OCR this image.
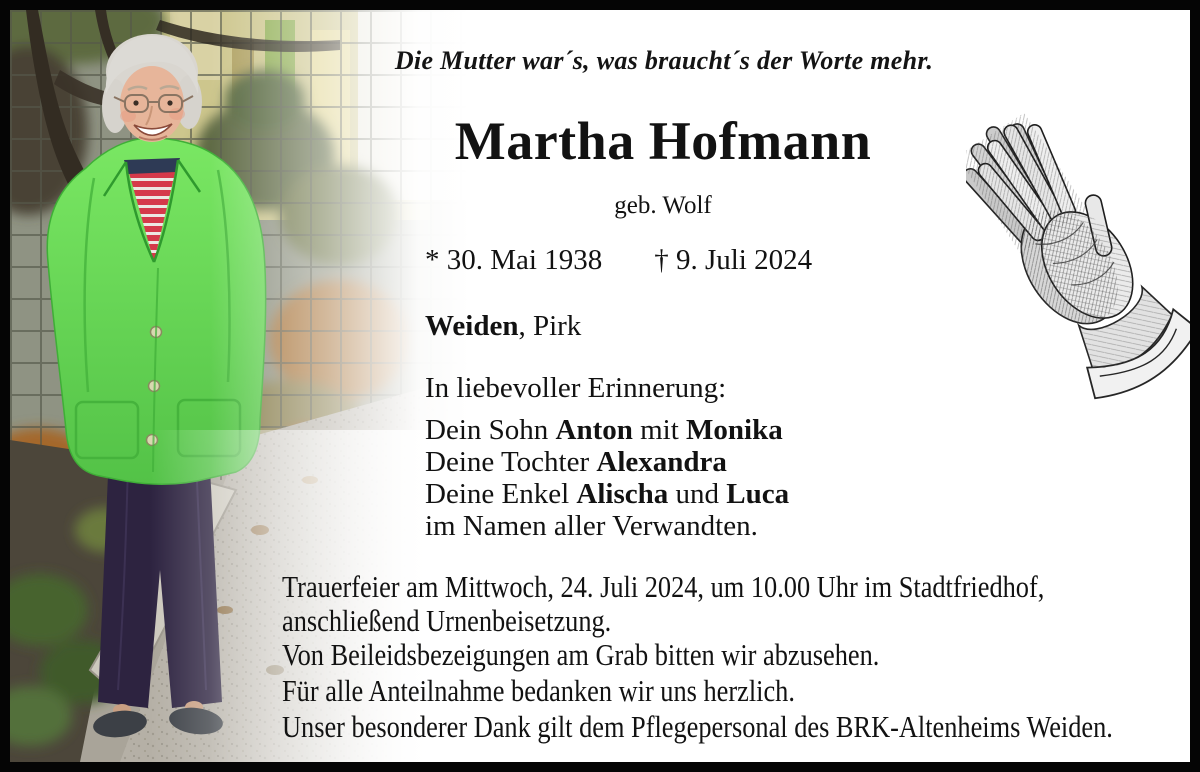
Die Mutter war´s, was braucht´s der Worte mehr.
Martha Hofmann
geb. Wolf
* 30. Mai 1938 † 9. Juli 2024
Weiden, Pirk
In liebevoller Erinnerung:
Dein Sohn Anton mit Monika
Deine Tochter Alexandra
Deine Enkel Alischa und Luca
im Namen aller Verwandten.
Trauerfeier am Mittwoch, 24. Juli 2024, um 10.00 Uhr im Stadtfriedhof,
anschließend Urnenbeisetzung.
Von Beileidsbezeigungen am Grab bitten wir abzusehen.
Für alle Anteilnahme bedanken wir uns herzlich.
Unser besonderer Dank gilt dem Pflegepersonal des BRK-Altenheims Weiden.
